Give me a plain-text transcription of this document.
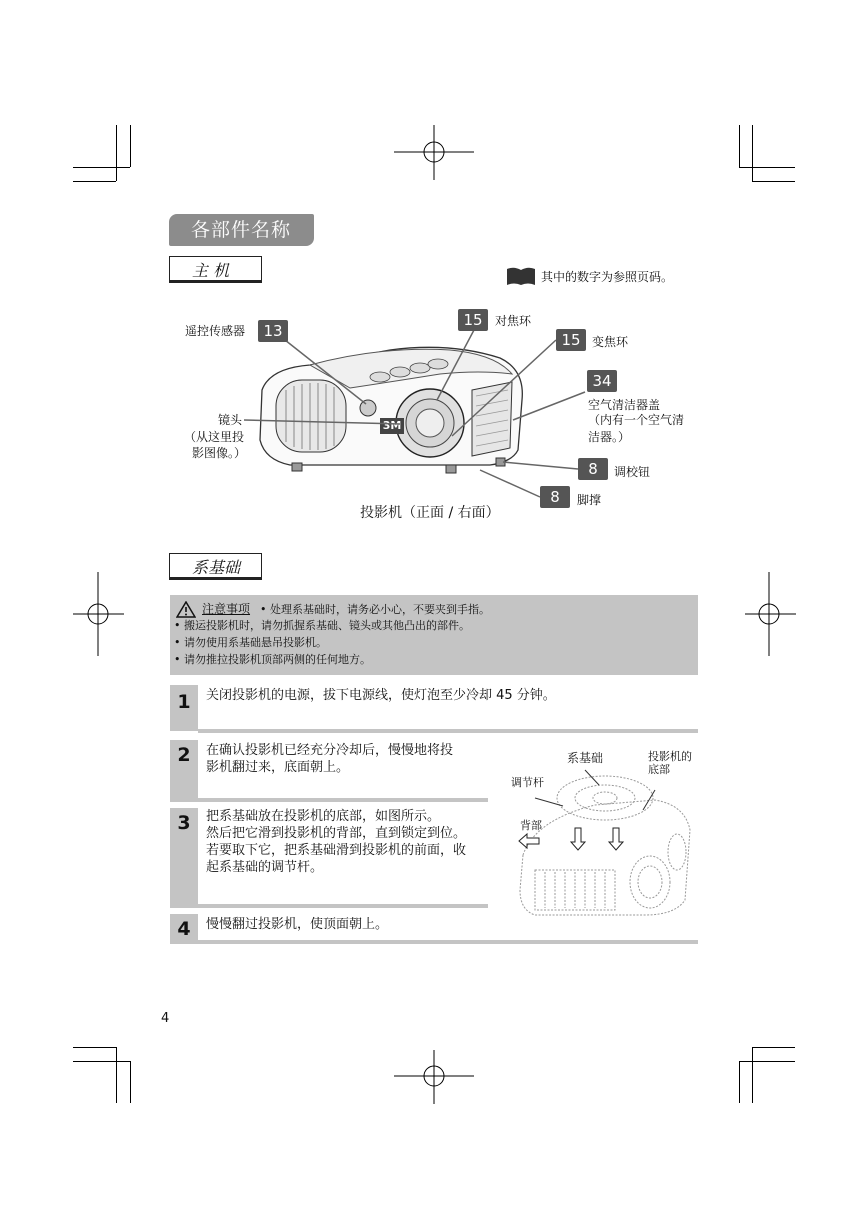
各部件名称
主 机	其中的数字为参照页码。
3M
遥控传感器	13
15	对焦环
15 变焦环
34
空气清洁器盖
（内有一个空气清洁器。）
8	调校钮
8	脚撑
镜头
（从这里投
影图像。）
投影机（正面 / 右面）
系基础
注意事项 • 处理系基础时，请务必小心，不要夹到手指。
• 搬运投影机时，请勿抓握系基础、镜头或其他凸出的部件。
• 请勿使用系基础悬吊投影机。
• 请勿推拉投影机顶部两侧的任何地方。
1	关闭投影机的电源，拔下电源线，使灯泡至少冷却 45 分钟。
2	在确认投影机已经充分冷却后，慢慢地将投
影机翻过来，底面朝上。
3	把系基础放在投影机的底部，如图所示。
然后把它滑到投影机的背部，直到锁定到位。
若要取下它，把系基础滑到投影机的前面，收
起系基础的调节杆。
4	慢慢翻过投影机，使顶面朝上。
系基础	投影机的
底部
调节杆
背部
4
